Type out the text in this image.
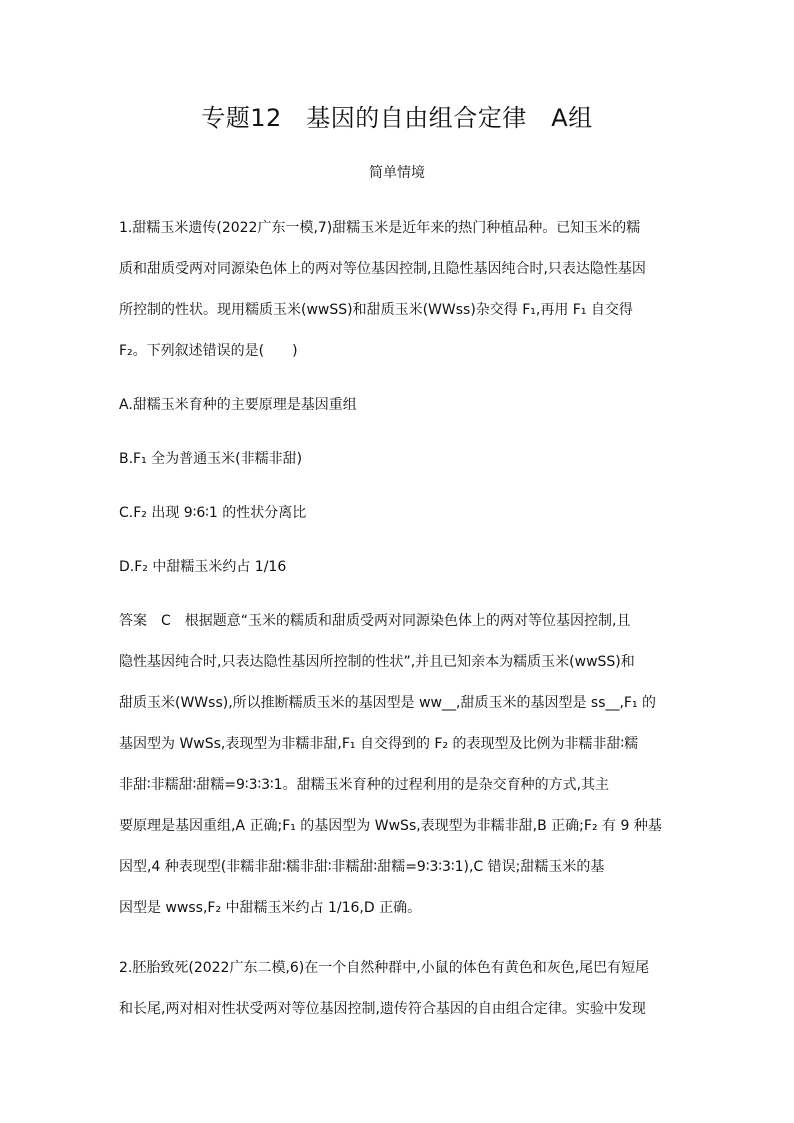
专题12　基因的自由组合定律　A组
简单情境
1.甜糯玉米遗传(2022广东一模,7)甜糯玉米是近年来的热门种植品种。已知玉米的糯
质和甜质受两对同源染色体上的两对等位基因控制,且隐性基因纯合时,只表达隐性基因
所控制的性状。现用糯质玉米(wwSS)和甜质玉米(WWss)杂交得 F₁,再用 F₁ 自交得
F₂。下列叙述错误的是(　　)
A.甜糯玉米育种的主要原理是基因重组
B.F₁ 全为普通玉米(非糯非甜)
C.F₂ 出现 9∶6∶1 的性状分离比
D.F₂ 中甜糯玉米约占 1/16
答案　C　根据题意“玉米的糯质和甜质受两对同源染色体上的两对等位基因控制,且
隐性基因纯合时,只表达隐性基因所控制的性状”,并且已知亲本为糯质玉米(wwSS)和
甜质玉米(WWss),所以推断糯质玉米的基因型是 ww__,甜质玉米的基因型是 ss__,F₁ 的
基因型为 WwSs,表现型为非糯非甜,F₁ 自交得到的 F₂ 的表现型及比例为非糯非甜∶糯
非甜∶非糯甜∶甜糯=9∶3∶3∶1。甜糯玉米育种的过程利用的是杂交育种的方式,其主
要原理是基因重组,A 正确;F₁ 的基因型为 WwSs,表现型为非糯非甜,B 正确;F₂ 有 9 种基
因型,4 种表现型(非糯非甜∶糯非甜∶非糯甜∶甜糯=9∶3∶3∶1),C 错误;甜糯玉米的基
因型是 wwss,F₂ 中甜糯玉米约占 1/16,D 正确。
2.胚胎致死(2022广东二模,6)在一个自然种群中,小鼠的体色有黄色和灰色,尾巴有短尾
和长尾,两对相对性状受两对等位基因控制,遗传符合基因的自由组合定律。实验中发现
